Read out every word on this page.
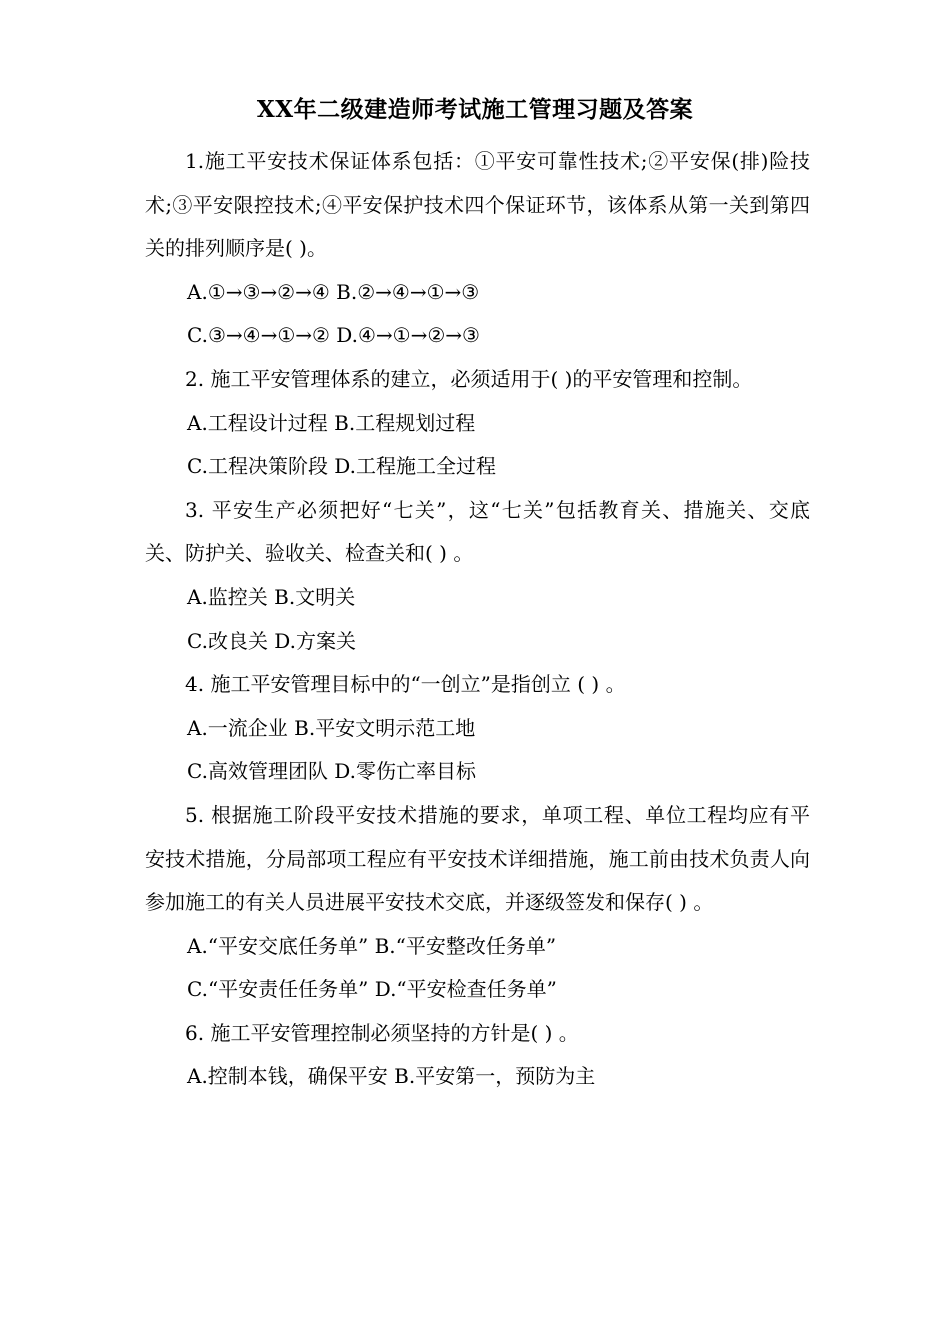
XX年二级建造师考试施工管理习题及答案

1.施工平安技术保证体系包括：①平安可靠性技术;②平安保(排)险技术;③平安限控技术;④平安保护技术四个保证环节，该体系从第一关到第四关的排列顺序是( )。

A.①→③→②→④ B.②→④→①→③

C.③→④→①→② D.④→①→②→③

2. 施工平安管理体系的建立，必须适用于( )的平安管理和控制。

A.工程设计过程 B.工程规划过程

C.工程决策阶段 D.工程施工全过程

3. 平安生产必须把好“七关”，这“七关”包括教育关、措施关、交底关、防护关、验收关、检查关和( ) 。

A.监控关 B.文明关

C.改良关 D.方案关

4. 施工平安管理目标中的“一创立”是指创立 ( ) 。

A.一流企业 B.平安文明示范工地

C.高效管理团队 D.零伤亡率目标

5. 根据施工阶段平安技术措施的要求，单项工程、单位工程均应有平安技术措施，分局部项工程应有平安技术详细措施，施工前由技术负责人向参加施工的有关人员进展平安技术交底，并逐级签发和保存( ) 。

A.“平安交底任务单” B.“平安整改任务单”

C.“平安责任任务单” D.“平安检查任务单”

6. 施工平安管理控制必须坚持的方针是( ) 。

A.控制本钱，确保平安 B.平安第一，预防为主
